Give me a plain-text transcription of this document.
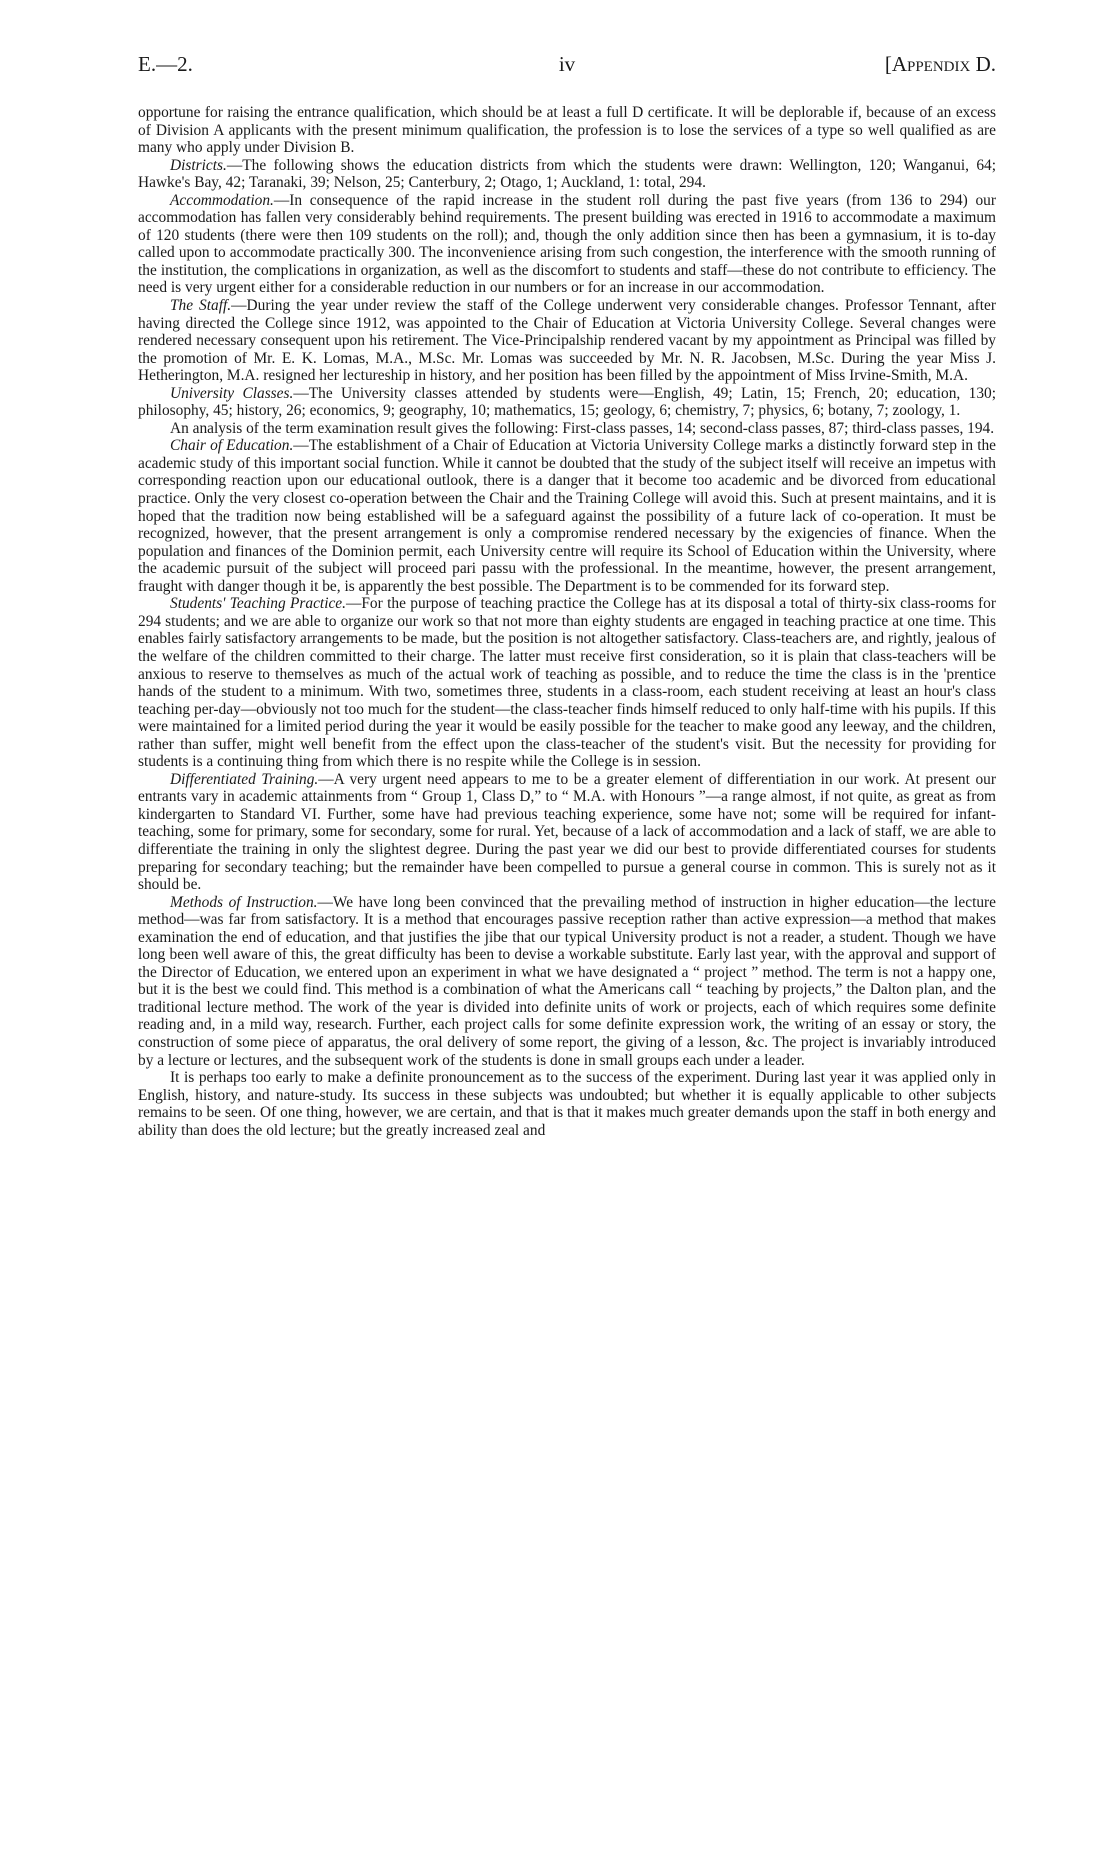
E.—2.	iv	[Appendix D.

opportune for raising the entrance qualification, which should be at least a full D certificate. It will be deplorable if, because of an excess of Division A applicants with the present minimum qualification, the profession is to lose the services of a type so well qualified as are many who apply under Division B.

Districts.—The following shows the education districts from which the students were drawn: Wellington, 120; Wanganui, 64; Hawke's Bay, 42; Taranaki, 39; Nelson, 25; Canterbury, 2; Otago, 1; Auckland, 1: total, 294.

Accommodation.—In consequence of the rapid increase in the student roll during the past five years (from 136 to 294) our accommodation has fallen very considerably behind requirements. The present building was erected in 1916 to accommodate a maximum of 120 students (there were then 109 students on the roll); and, though the only addition since then has been a gymnasium, it is to-day called upon to accommodate practically 300. The inconvenience arising from such congestion, the interference with the smooth running of the institution, the complications in organization, as well as the discomfort to students and staff—these do not contribute to efficiency. The need is very urgent either for a considerable reduction in our numbers or for an increase in our accommodation.

The Staff.—During the year under review the staff of the College underwent very considerable changes. Professor Tennant, after having directed the College since 1912, was appointed to the Chair of Education at Victoria University College. Several changes were rendered necessary consequent upon his retirement. The Vice-Principalship rendered vacant by my appointment as Principal was filled by the promotion of Mr. E. K. Lomas, M.A., M.Sc. Mr. Lomas was succeeded by Mr. N. R. Jacobsen, M.Sc. During the year Miss J. Hetherington, M.A. resigned her lectureship in history, and her position has been filled by the appointment of Miss Irvine-Smith, M.A.

University Classes.—The University classes attended by students were—English, 49; Latin, 15; French, 20; education, 130; philosophy, 45; history, 26; economics, 9; geography, 10; mathematics, 15; geology, 6; chemistry, 7; physics, 6; botany, 7; zoology, 1.

An analysis of the term examination result gives the following: First-class passes, 14; second-class passes, 87; third-class passes, 194.

Chair of Education.—The establishment of a Chair of Education at Victoria University College marks a distinctly forward step in the academic study of this important social function. While it cannot be doubted that the study of the subject itself will receive an impetus with corresponding reaction upon our educational outlook, there is a danger that it become too academic and be divorced from educational practice. Only the very closest co-operation between the Chair and the Training College will avoid this. Such at present maintains, and it is hoped that the tradition now being established will be a safeguard against the possibility of a future lack of co-operation. It must be recognized, however, that the present arrangement is only a compromise rendered necessary by the exigencies of finance. When the population and finances of the Dominion permit, each University centre will require its School of Education within the University, where the academic pursuit of the subject will proceed pari passu with the professional. In the meantime, however, the present arrangement, fraught with danger though it be, is apparently the best possible. The Department is to be commended for its forward step.

Students' Teaching Practice.—For the purpose of teaching practice the College has at its disposal a total of thirty-six class-rooms for 294 students; and we are able to organize our work so that not more than eighty students are engaged in teaching practice at one time. This enables fairly satisfactory arrangements to be made, but the position is not altogether satisfactory. Class-teachers are, and rightly, jealous of the welfare of the children committed to their charge. The latter must receive first consideration, so it is plain that class-teachers will be anxious to reserve to themselves as much of the actual work of teaching as possible, and to reduce the time the class is in the 'prentice hands of the student to a minimum. With two, sometimes three, students in a class-room, each student receiving at least an hour's class teaching per-day—obviously not too much for the student—the class-teacher finds himself reduced to only half-time with his pupils. If this were maintained for a limited period during the year it would be easily possible for the teacher to make good any leeway, and the children, rather than suffer, might well benefit from the effect upon the class-teacher of the student's visit. But the necessity for providing for students is a continuing thing from which there is no respite while the College is in session.

Differentiated Training.—A very urgent need appears to me to be a greater element of differentiation in our work. At present our entrants vary in academic attainments from “ Group 1, Class D,” to “ M.A. with Honours ”—a range almost, if not quite, as great as from kindergarten to Standard VI. Further, some have had previous teaching experience, some have not; some will be required for infant-teaching, some for primary, some for secondary, some for rural. Yet, because of a lack of accommodation and a lack of staff, we are able to differentiate the training in only the slightest degree. During the past year we did our best to provide differentiated courses for students preparing for secondary teaching; but the remainder have been compelled to pursue a general course in common. This is surely not as it should be.

Methods of Instruction.—We have long been convinced that the prevailing method of instruction in higher education—the lecture method—was far from satisfactory. It is a method that encourages passive reception rather than active expression—a method that makes examination the end of education, and that justifies the jibe that our typical University product is not a reader, a student. Though we have long been well aware of this, the great difficulty has been to devise a workable substitute. Early last year, with the approval and support of the Director of Education, we entered upon an experiment in what we have designated a “ project ” method. The term is not a happy one, but it is the best we could find. This method is a combination of what the Americans call “ teaching by projects,” the Dalton plan, and the traditional lecture method. The work of the year is divided into definite units of work or projects, each of which requires some definite reading and, in a mild way, research. Further, each project calls for some definite expression work, the writing of an essay or story, the construction of some piece of apparatus, the oral delivery of some report, the giving of a lesson, &c. The project is invariably introduced by a lecture or lectures, and the subsequent work of the students is done in small groups each under a leader.

It is perhaps too early to make a definite pronouncement as to the success of the experiment. During last year it was applied only in English, history, and nature-study. Its success in these subjects was undoubted; but whether it is equally applicable to other subjects remains to be seen. Of one thing, however, we are certain, and that is that it makes much greater demands upon the staff in both energy and ability than does the old lecture; but the greatly increased zeal and
